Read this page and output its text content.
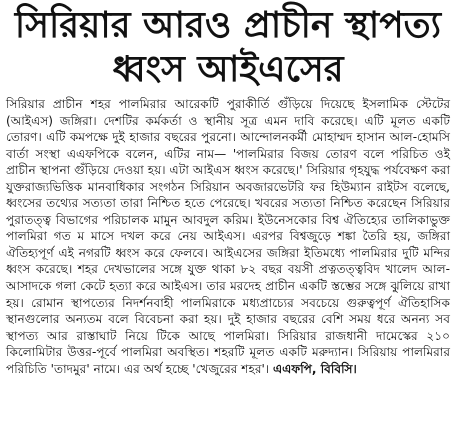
সিরিয়ার আরও প্রাচীন স্থাপত্য
ধ্বংস আইএসের

সিরিয়ার প্রাচীন শহর পালমিরার আরেকটি পুরাকীর্তি গুঁড়িয়ে দিয়েছে ইসলামিক স্টেটের (আইএস) জঙ্গিরা। দেশটির কর্মকর্তা ও স্থানীয় সূত্র এমন দাবি করেছে। এটি মূলত একটি তোরণ। এটি কমপক্ষে দুই হাজার বছরের পুরনো। আন্দোলনকর্মী মোহাম্মদ হাসান আল-হোমসি বার্তা সংস্থা এএফপিকে বলেন, এটির নাম— 'পালমিরার বিজয় তোরণ বলে পরিচিত ওই প্রাচীন স্থাপনা গুঁড়িয়ে দেওয়া হয়। এটা আইএস ধ্বংস করেছে।' সিরিয়ার গৃহযুদ্ধ পর্যবেক্ষণ করা যুক্তরাজ্যভিত্তিক মানবাধিকার সংগঠন সিরিয়ান অবজারভেটরি ফর হিউম্যান রাইটস বলেছে, ধ্বংসের তথ্যের সত্যতা তারা নিশ্চিত হতে পেরেছে। খবরের সত্যতা নিশ্চিত করেছেন সিরিয়ার পুরাতত্ত্ব বিভাগের পরিচালক মামুন আবদুল করিম। ইউনেসকোর বিশ্ব ঐতিহ্যের তালিকাভুক্ত পালমিরা গত ম মাসে দখল করে নেয় আইএস। এরপর বিশ্বজুড়ে শঙ্কা তৈরি হয়, জঙ্গিরা ঐতিহ্যপূর্ণ এই নগরটি ধ্বংস করে ফেলবে। আইএসের জঙ্গিরা ইতিমধ্যে পালমিরার দুটি মন্দির ধ্বংস করেছে। শহর দেখভালের সঙ্গে যুক্ত থাকা ৮২ বছর বয়সী প্রত্নতত্ত্ববিদ খালেদ আল-আসাদকে গলা কেটে হত্যা করে আইএস। তার মরদেহ প্রাচীন একটি স্তম্ভের সঙ্গে ঝুলিয়ে রাখা হয়। রোমান স্থাপত্যের নিদর্শনবাহী পালমিরাকে মধ্যপ্রাচ্যের সবচেয়ে গুরুত্বপূর্ণ ঐতিহাসিক স্থানগুলোর অন্যতম বলে বিবেচনা করা হয়। দুই হাজার বছরের বেশি সময় ধরে অনন্য সব স্থাপত্য আর রাস্তাঘাট নিয়ে টিকে আছে পালমিরা। সিরিয়ার রাজধানী দামেস্কের ২১০ কিলোমিটার উত্তর-পূর্বে পালমিরা অবস্থিত। শহরটি মূলত একটি মরুদ্যান। সিরিয়ায় পালমিরার পরিচিতি 'তাদমুর' নামে। এর অর্থ হচ্ছে 'খেজুরের শহর'। এএফপি, বিবিসি।
